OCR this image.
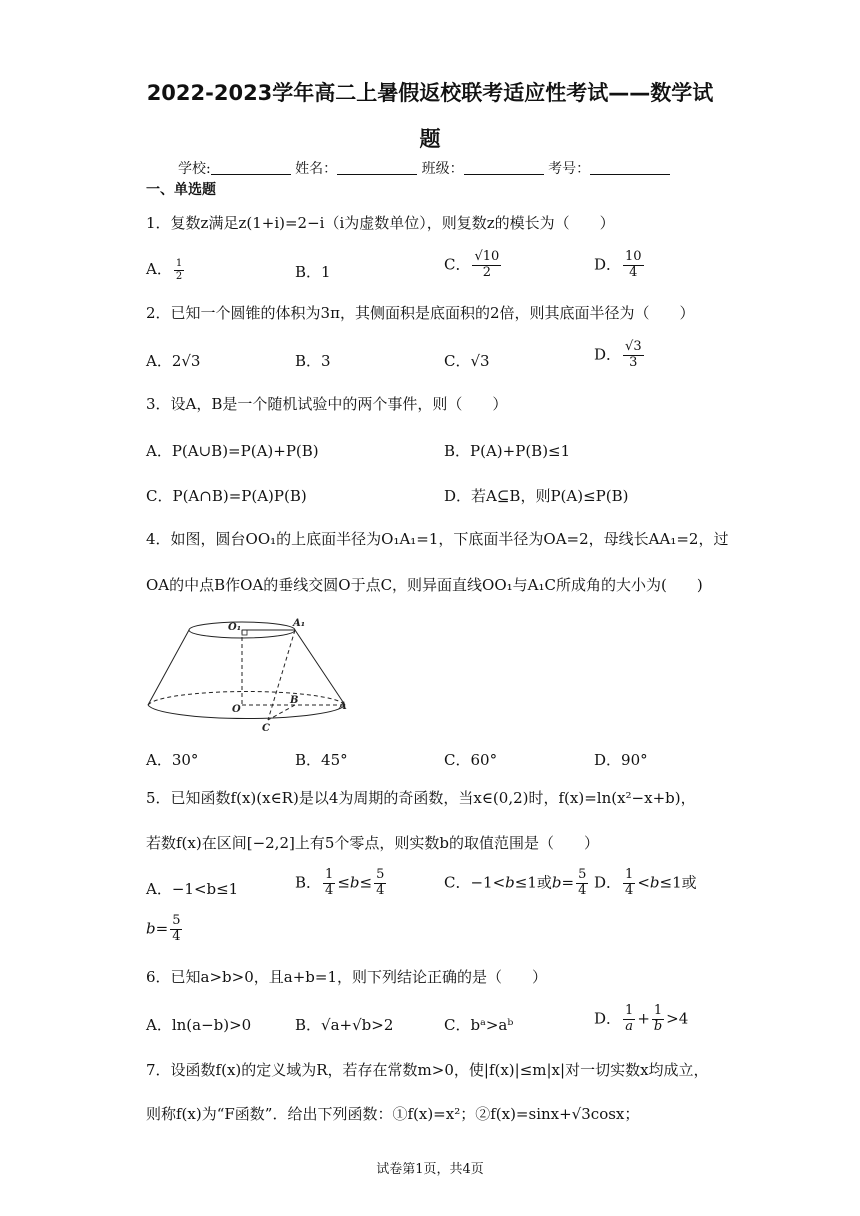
2022-2023学年高二上暑假返校联考适应性考试——数学试
题
学校:	姓名：	班级：	考号：
一、单选题
1．复数z满足z(1+i)=2−i（i为虚数单位），则复数z的模长为（　　）
A． $\frac{1}{2}$	B．1	C． $\frac{√10}{2}$	D． $\frac{10}{4}$
2．已知一个圆锥的体积为3π，其侧面积是底面积的2倍，则其底面半径为（　　）
A．2√3	B．3	C．√3	D． $\frac{√3}{3}$
3．设A，B是一个随机试验中的两个事件，则（　　）
A．P(A∪B)=P(A)+P(B)	B．P(A)+P(B)≤1
C．P(A∩B)=P(A)P(B)	D．若A⊆B，则P(A)≤P(B)
4．如图，圆台OO₁的上底面半径为O₁A₁=1，下底面半径为OA=2，母线长AA₁=2，过
OA的中点B作OA的垂线交圆O于点C，则异面直线OO₁与A₁C所成角的大小为(　　)
O₁	A₁
B
O	A
C
A．30°	B．45°	C．60°	D．90°
5．已知函数f(x)(x∈R)是以4为周期的奇函数，当x∈(0,2)时，f(x)=ln(x²−x+b)，
若数f(x)在区间[−2,2]上有5个零点，则实数b的取值范围是（　　）
A．−1<b≤1	B． $\frac{1}{4} \le b\le \frac{5}{4}$	C．−1<b≤1或$b= \frac{5}{4}$ D． $\frac{1}{4} <b\le 1$或
$b= \frac{5}{4}$
6．已知a>b>0，且a+b=1，则下列结论正确的是（　　）
A．ln(a−b)>0	B．√a+√b>2	C．bᵃ>aᵇ	D． $\frac{1}{a} + \frac{1}{b} >4$
7．设函数f(x)的定义域为R，若存在常数m>0，使|f(x)|≤m|x|对一切实数x均成立，
则称f(x)为“F函数”．给出下列函数：①f(x)=x²；②f(x)=sinx+√3cosx；
试卷第1页，共4页
